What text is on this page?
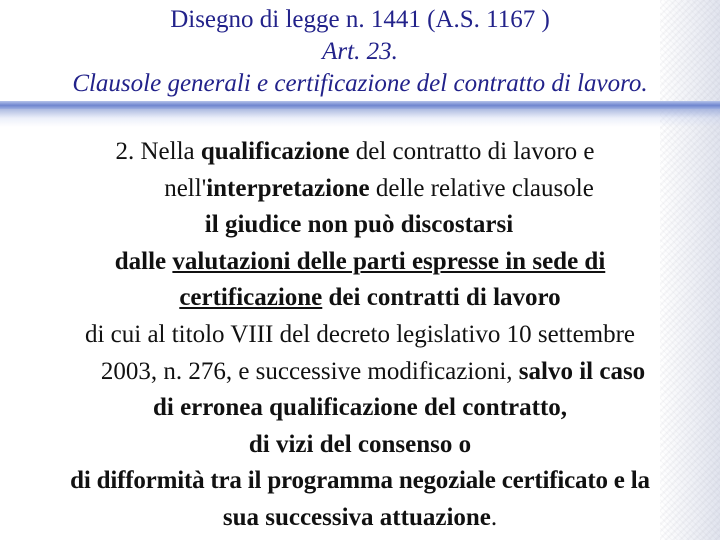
Disegno di legge n. 1441 (A.S. 1167 )
Art. 23.
Clausole generali e certificazione del contratto di lavoro.
2. Nella qualificazione del contratto di lavoro e
nell'interpretazione delle relative clausole
il giudice non può discostarsi
dalle valutazioni delle parti espresse in sede di
certificazione dei contratti di lavoro
di cui al titolo VIII del decreto legislativo 10 settembre
2003, n. 276, e successive modificazioni, salvo il caso
di erronea qualificazione del contratto,
di vizi del consenso o
di difformità tra il programma negoziale certificato e la
sua successiva attuazione.
